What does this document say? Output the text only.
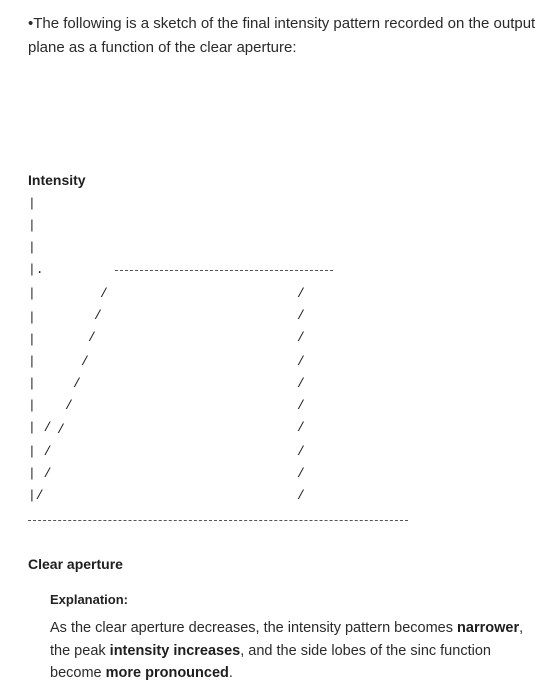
•The following is a sketch of the final intensity pattern recorded on the output plane as a function of the clear aperture:

Intensity
|
|
|
|.
|
|
|
|
|
|
| /
| /
| /
|/
/
/
/
/
/
/
/
/
/
/
/
/
/
/
/
/
/
Clear aperture
Explanation:

As the clear aperture decreases, the intensity pattern becomes narrower, the peak intensity increases, and the side lobes of the sinc function become more pronounced.
